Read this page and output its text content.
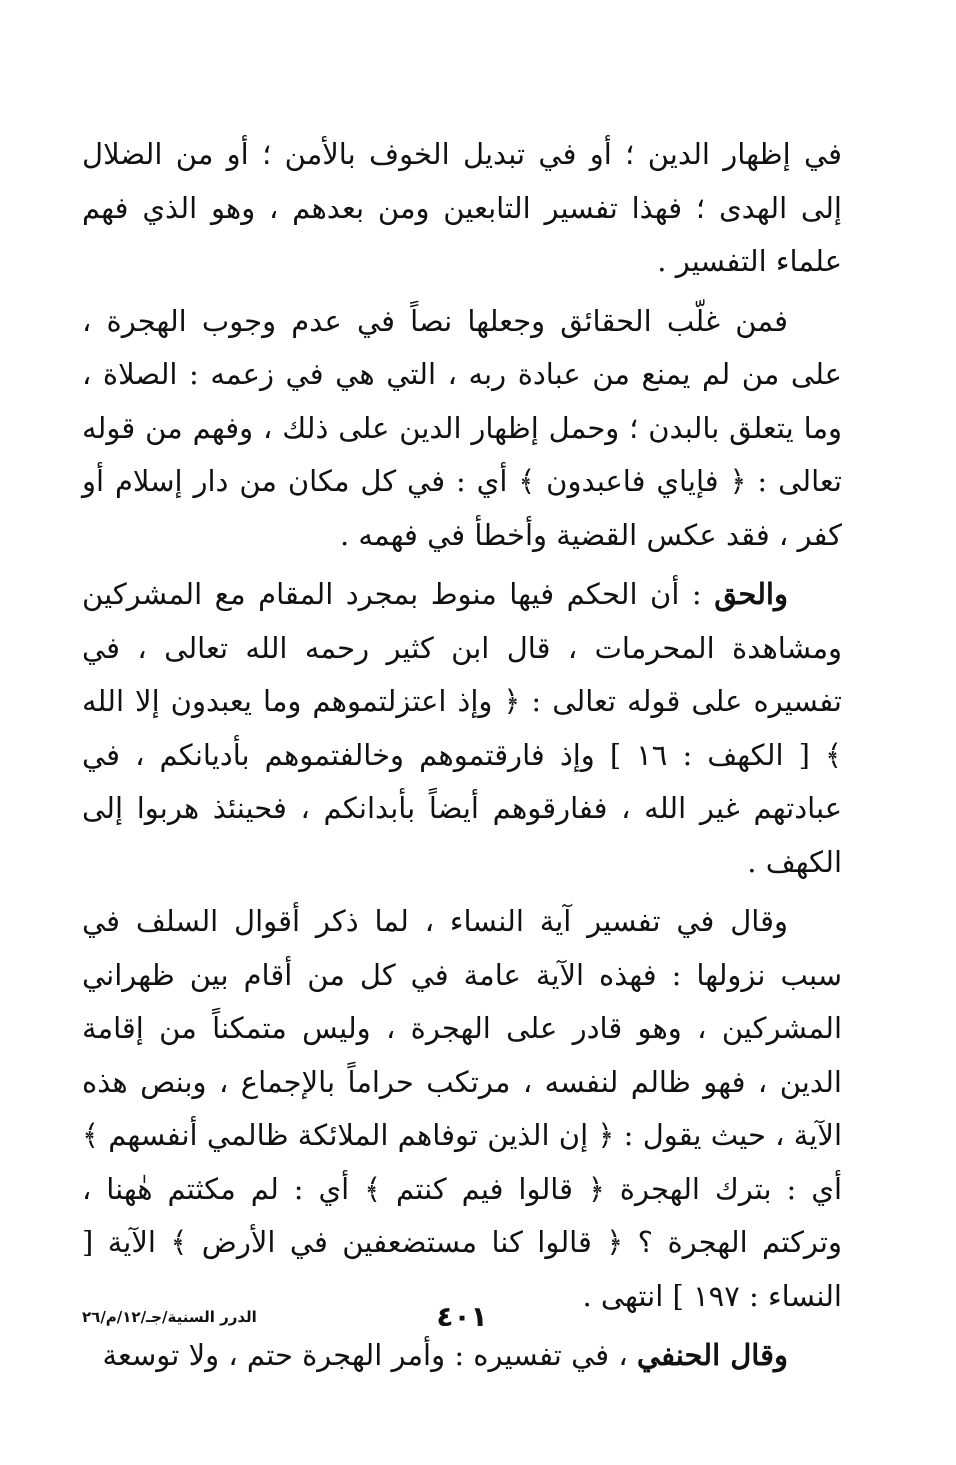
في إظهار الدين ؛ أو في تبديل الخوف بالأمن ؛ أو من الضلال إلى الهدى ؛ فهذا تفسير التابعين ومن بعدهم ، وهو الذي فهم علماء التفسير .

فمن غلّب الحقائق وجعلها نصاً في عدم وجوب الهجرة ، على من لم يمنع من عبادة ربه ، التي هي في زعمه : الصلاة ، وما يتعلق بالبدن ؛ وحمل إظهار الدين على ذلك ، وفهم من قوله تعالى : ﴿ فإياي فاعبدون ﴾ أي : في كل مكان من دار إسلام أو كفر ، فقد عكس القضية وأخطأ في فهمه .

والحق : أن الحكم فيها منوط بمجرد المقام مع المشركين ومشاهدة المحرمات ، قال ابن كثير رحمه الله تعالى ، في تفسيره على قوله تعالى : ﴿ وإذ اعتزلتموهم وما يعبدون إلا الله ﴾ [ الكهف : ١٦ ] وإذ فارقتموهم وخالفتموهم بأديانكم ، في عبادتهم غير الله ، ففارقوهم أيضاً بأبدانكم ، فحينئذ هربوا إلى الكهف .

وقال في تفسير آية النساء ، لما ذكر أقوال السلف في سبب نزولها : فهذه الآية عامة في كل من أقام بين ظهراني المشركين ، وهو قادر على الهجرة ، وليس متمكناً من إقامة الدين ، فهو ظالم لنفسه ، مرتكب حراماً بالإجماع ، وبنص هذه الآية ، حيث يقول : ﴿ إن الذين توفاهم الملائكة ظالمي أنفسهم ﴾ أي : بترك الهجرة ﴿ قالوا فيم كنتم ﴾ أي : لم مكثتم هٰهنا ، وتركتم الهجرة ؟ ﴿ قالوا كنا مستضعفين في الأرض ﴾ الآية [ النساء : ١٩٧ ] انتهى .

وقال الحنفي ، في تفسيره : وأمر الهجرة حتم ، ولا توسعة

٤٠١
الدرر السنية/جـ/١٢/م/٢٦
